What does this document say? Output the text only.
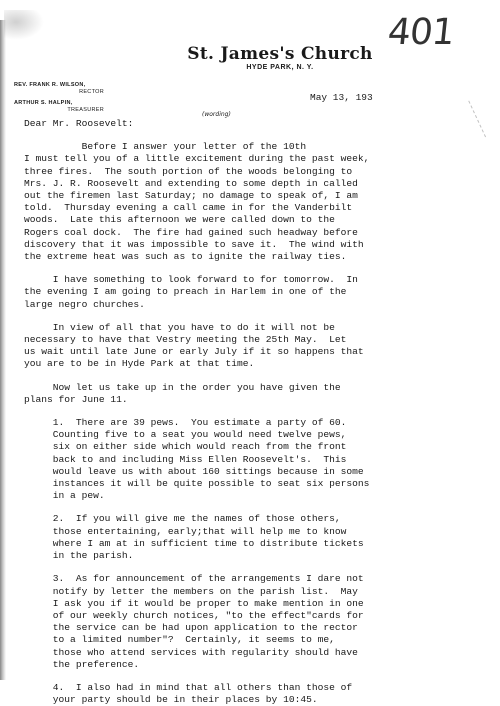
401
St. James's Church
HYDE PARK, N. Y.
REV. FRANK R. WILSON,
RECTOR
ARTHUR S. HALPIN,
TREASURER
May 13, 193

Dear Mr. Roosevelt:

Before I answer your letter of the 10th
I must tell you of a little excitement during the past week,
three fires.  The south portion of the woods belonging to
Mrs. J. R. Roosevelt and extending to some depth in called
out the firemen last Saturday; no damage to speak of, I am
told.  Thursday evening a call came in for the Vanderbilt
woods.  Late this afternoon we were called down to the
Rogers coal dock.  The fire had gained such headway before
discovery that it was impossible to save it.  The wind with
the extreme heat was such as to ignite the railway ties.
I have something to look forward to for tomorrow.  In
the evening I am going to preach in Harlem in one of the
large negro churches.
In view of all that you have to do it will not be
necessary to have that Vestry meeting the 25th May.  Let
us wait until late June or early July if it so happens that
you are to be in Hyde Park at that time.
Now let us take up in the order you have given the
plans for June 11.
1.  There are 39 pews.  You estimate a party of 60.
Counting five to a seat you would need twelve pews,
six on either side which would reach from the front
back to and including Miss Ellen Roosevelt's.  This
would leave us with about 160 sittings because in some
instances it will be quite possible to seat six persons
in a pew.
2.  If you will give me the names of those others,
those entertaining, early;that will help me to know
where I am at in sufficient time to distribute tickets
in the parish.
3.  As for announcement of the arrangements I dare not
notify by letter the members on the parish list.  May
I ask you if it would be proper to make mention in one
(wording)
of our weekly church notices, "to the effect"cards for
the service can be had upon application to the rector
to a limited number"?  Certainly, it seems to me,
those who attend services with regularity should have
the preference.
4.  I also had in mind that all others than those of
your party should be in their places by 10:45.
